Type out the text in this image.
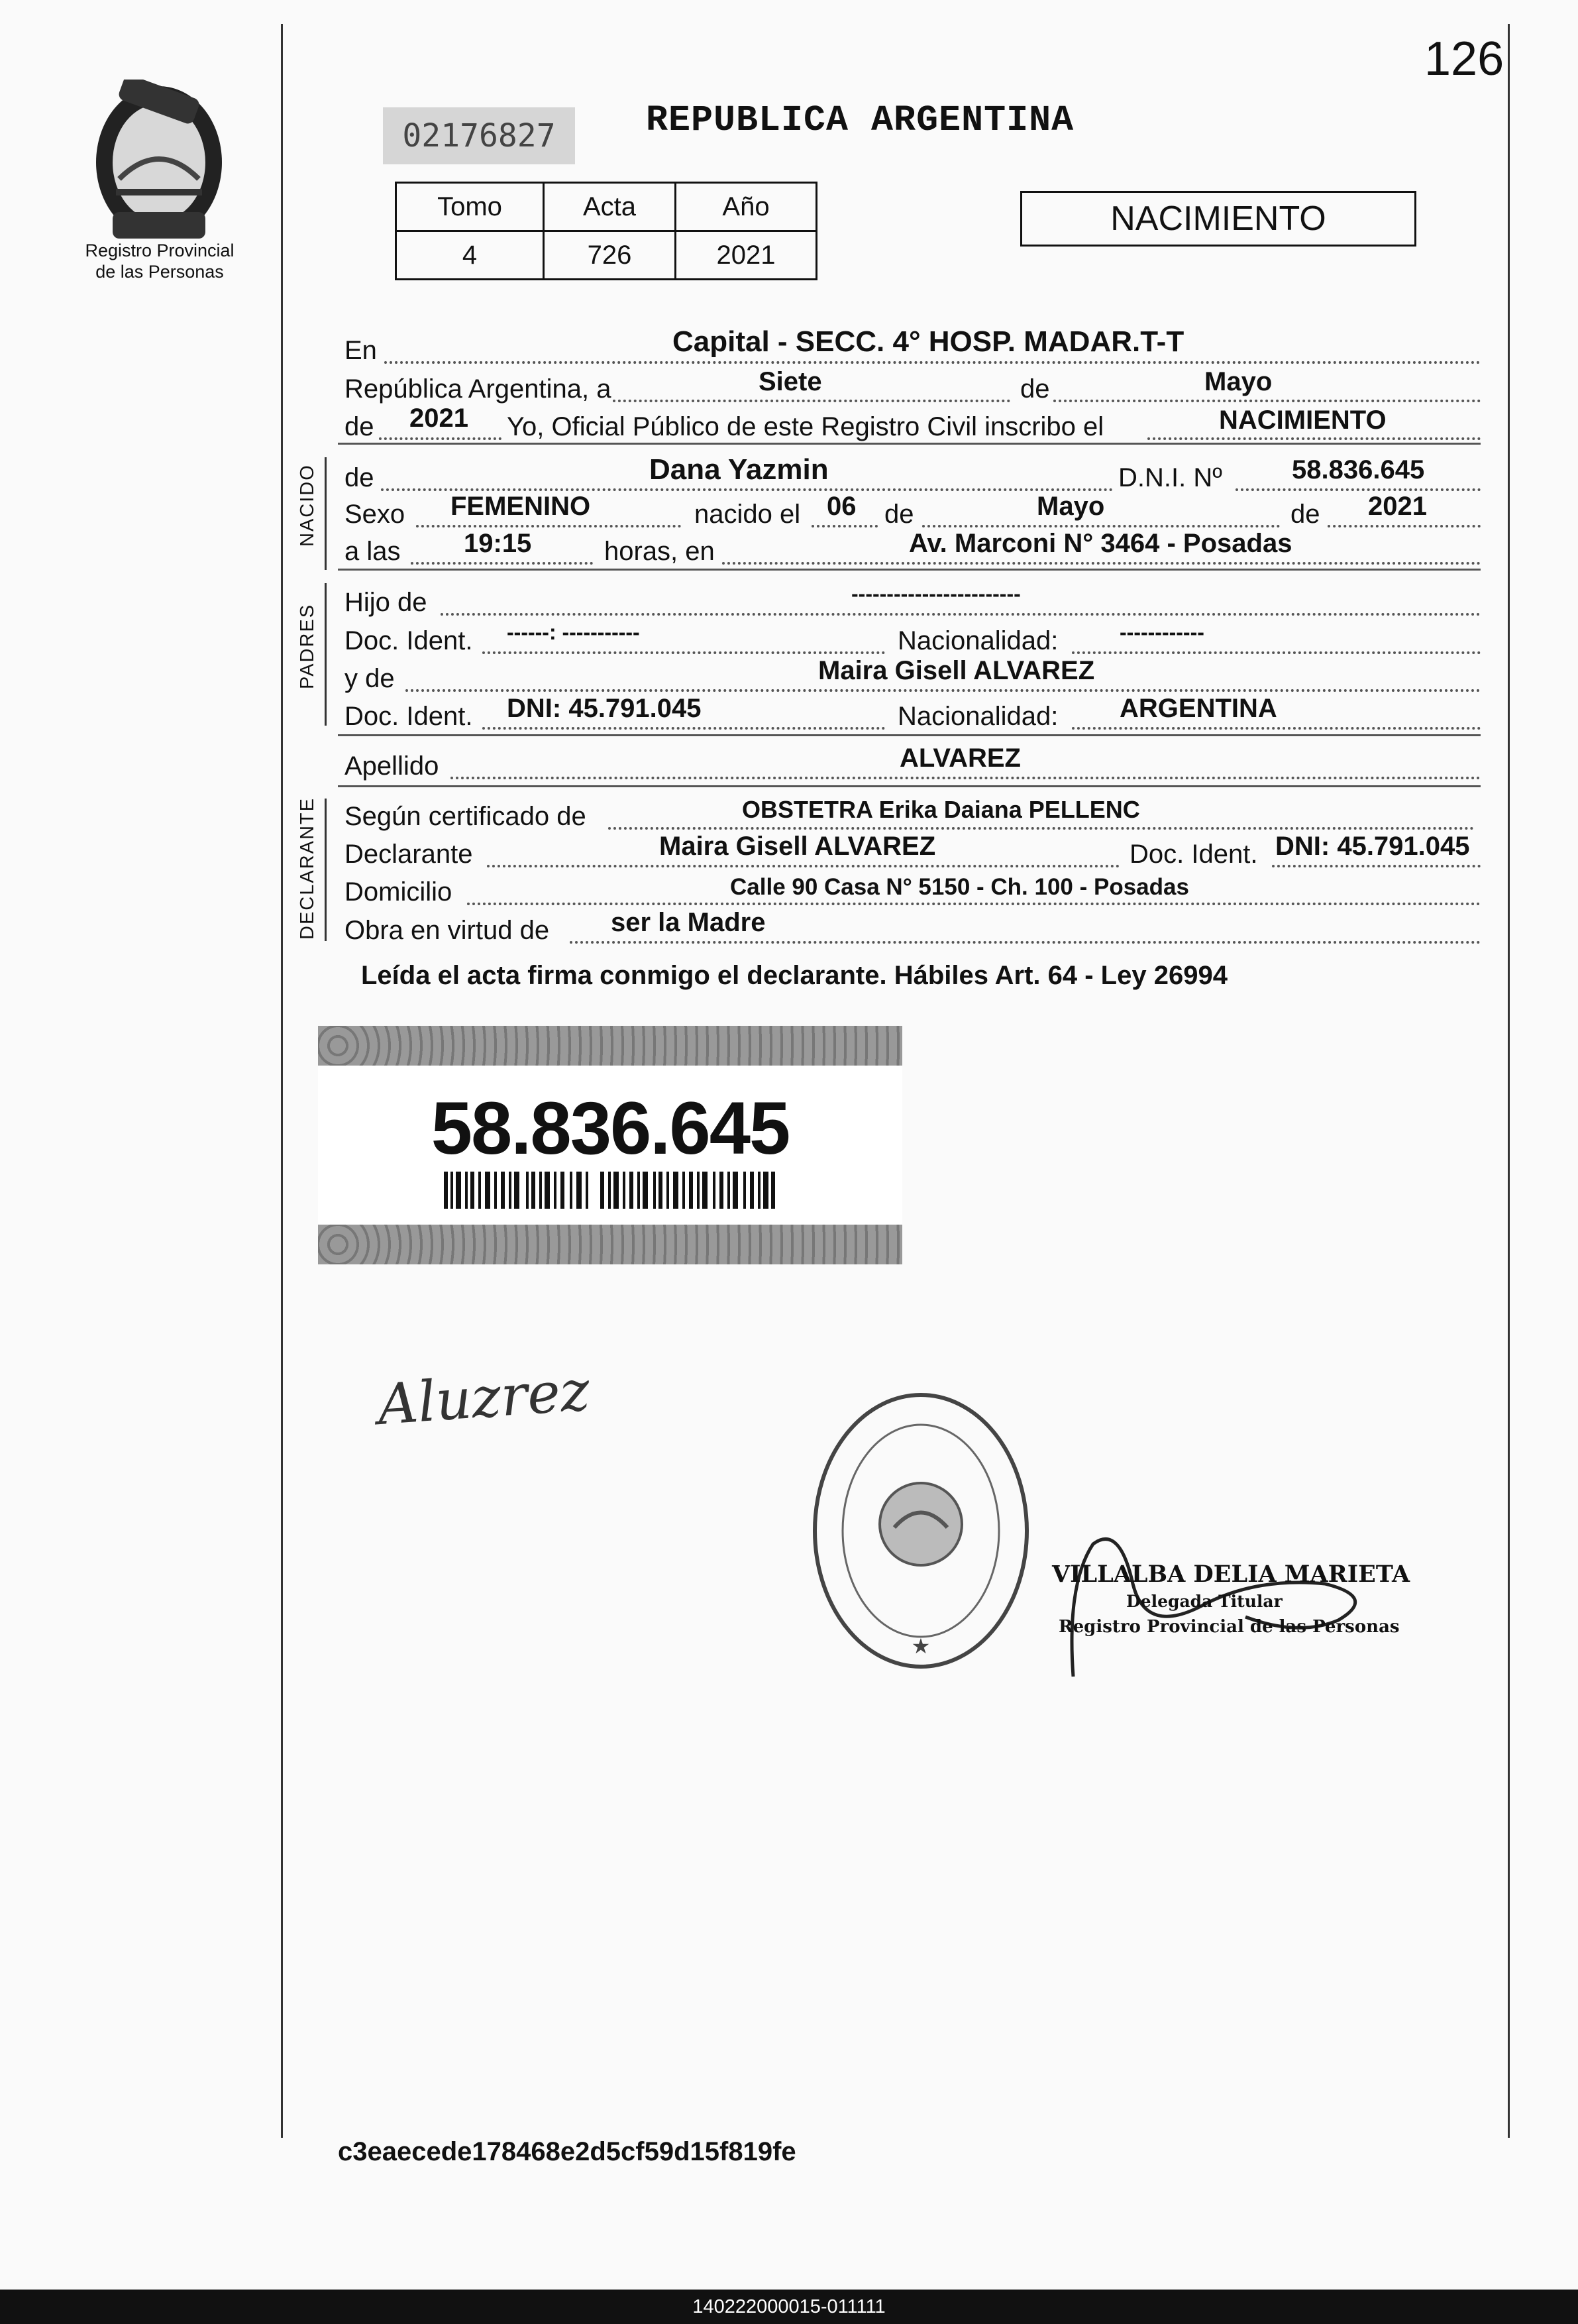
126
Registro Provincial
de las Personas
02176827	REPUBLICA ARGENTINA
Tomo	Acta	Año
4	726	2021
NACIMIENTO
En	Capital - SECC. 4° HOSP. MADAR.T-T
República Argentina, a	Siete	de	Mayo
de 2021 Yo, Oficial Público de este Registro Civil inscribo el	NACIMIENTO
NACIDO de	Dana Yazmin	D.N.I. Nº	58.836.645
Sexo FEMENINO	nacido el 06 de	Mayo	de 2021
a las 19:15	horas, en	Av. Marconi N° 3464 - Posadas
PADRES
Hijo de	------------------------
Doc. Ident. ------: -----------	Nacionalidad:	------------
y de	Maira Gisell ALVAREZ
Doc. Ident. DNI: 45.791.045	Nacionalidad: ARGENTINA
Apellido	ALVAREZ
DECLARANTE Según certificado de	OBSTETRA Erika Daiana PELLENC
Declarante	Maira Gisell ALVAREZ	Doc. Ident. DNI: 45.791.045
Domicilio	Calle 90 Casa N° 5150 - Ch. 100 - Posadas
Obra en virtud de ser la Madre
Leída el acta firma conmigo el declarante. Hábiles Art. 64 - Ley 26994
58.836.645
Aluzrez
★
VILLALBA DELIA MARIETA
Delegada Titular
Registro Provincial de las Personas
c3eaecede178468e2d5cf59d15f819fe
140222000015-011111
